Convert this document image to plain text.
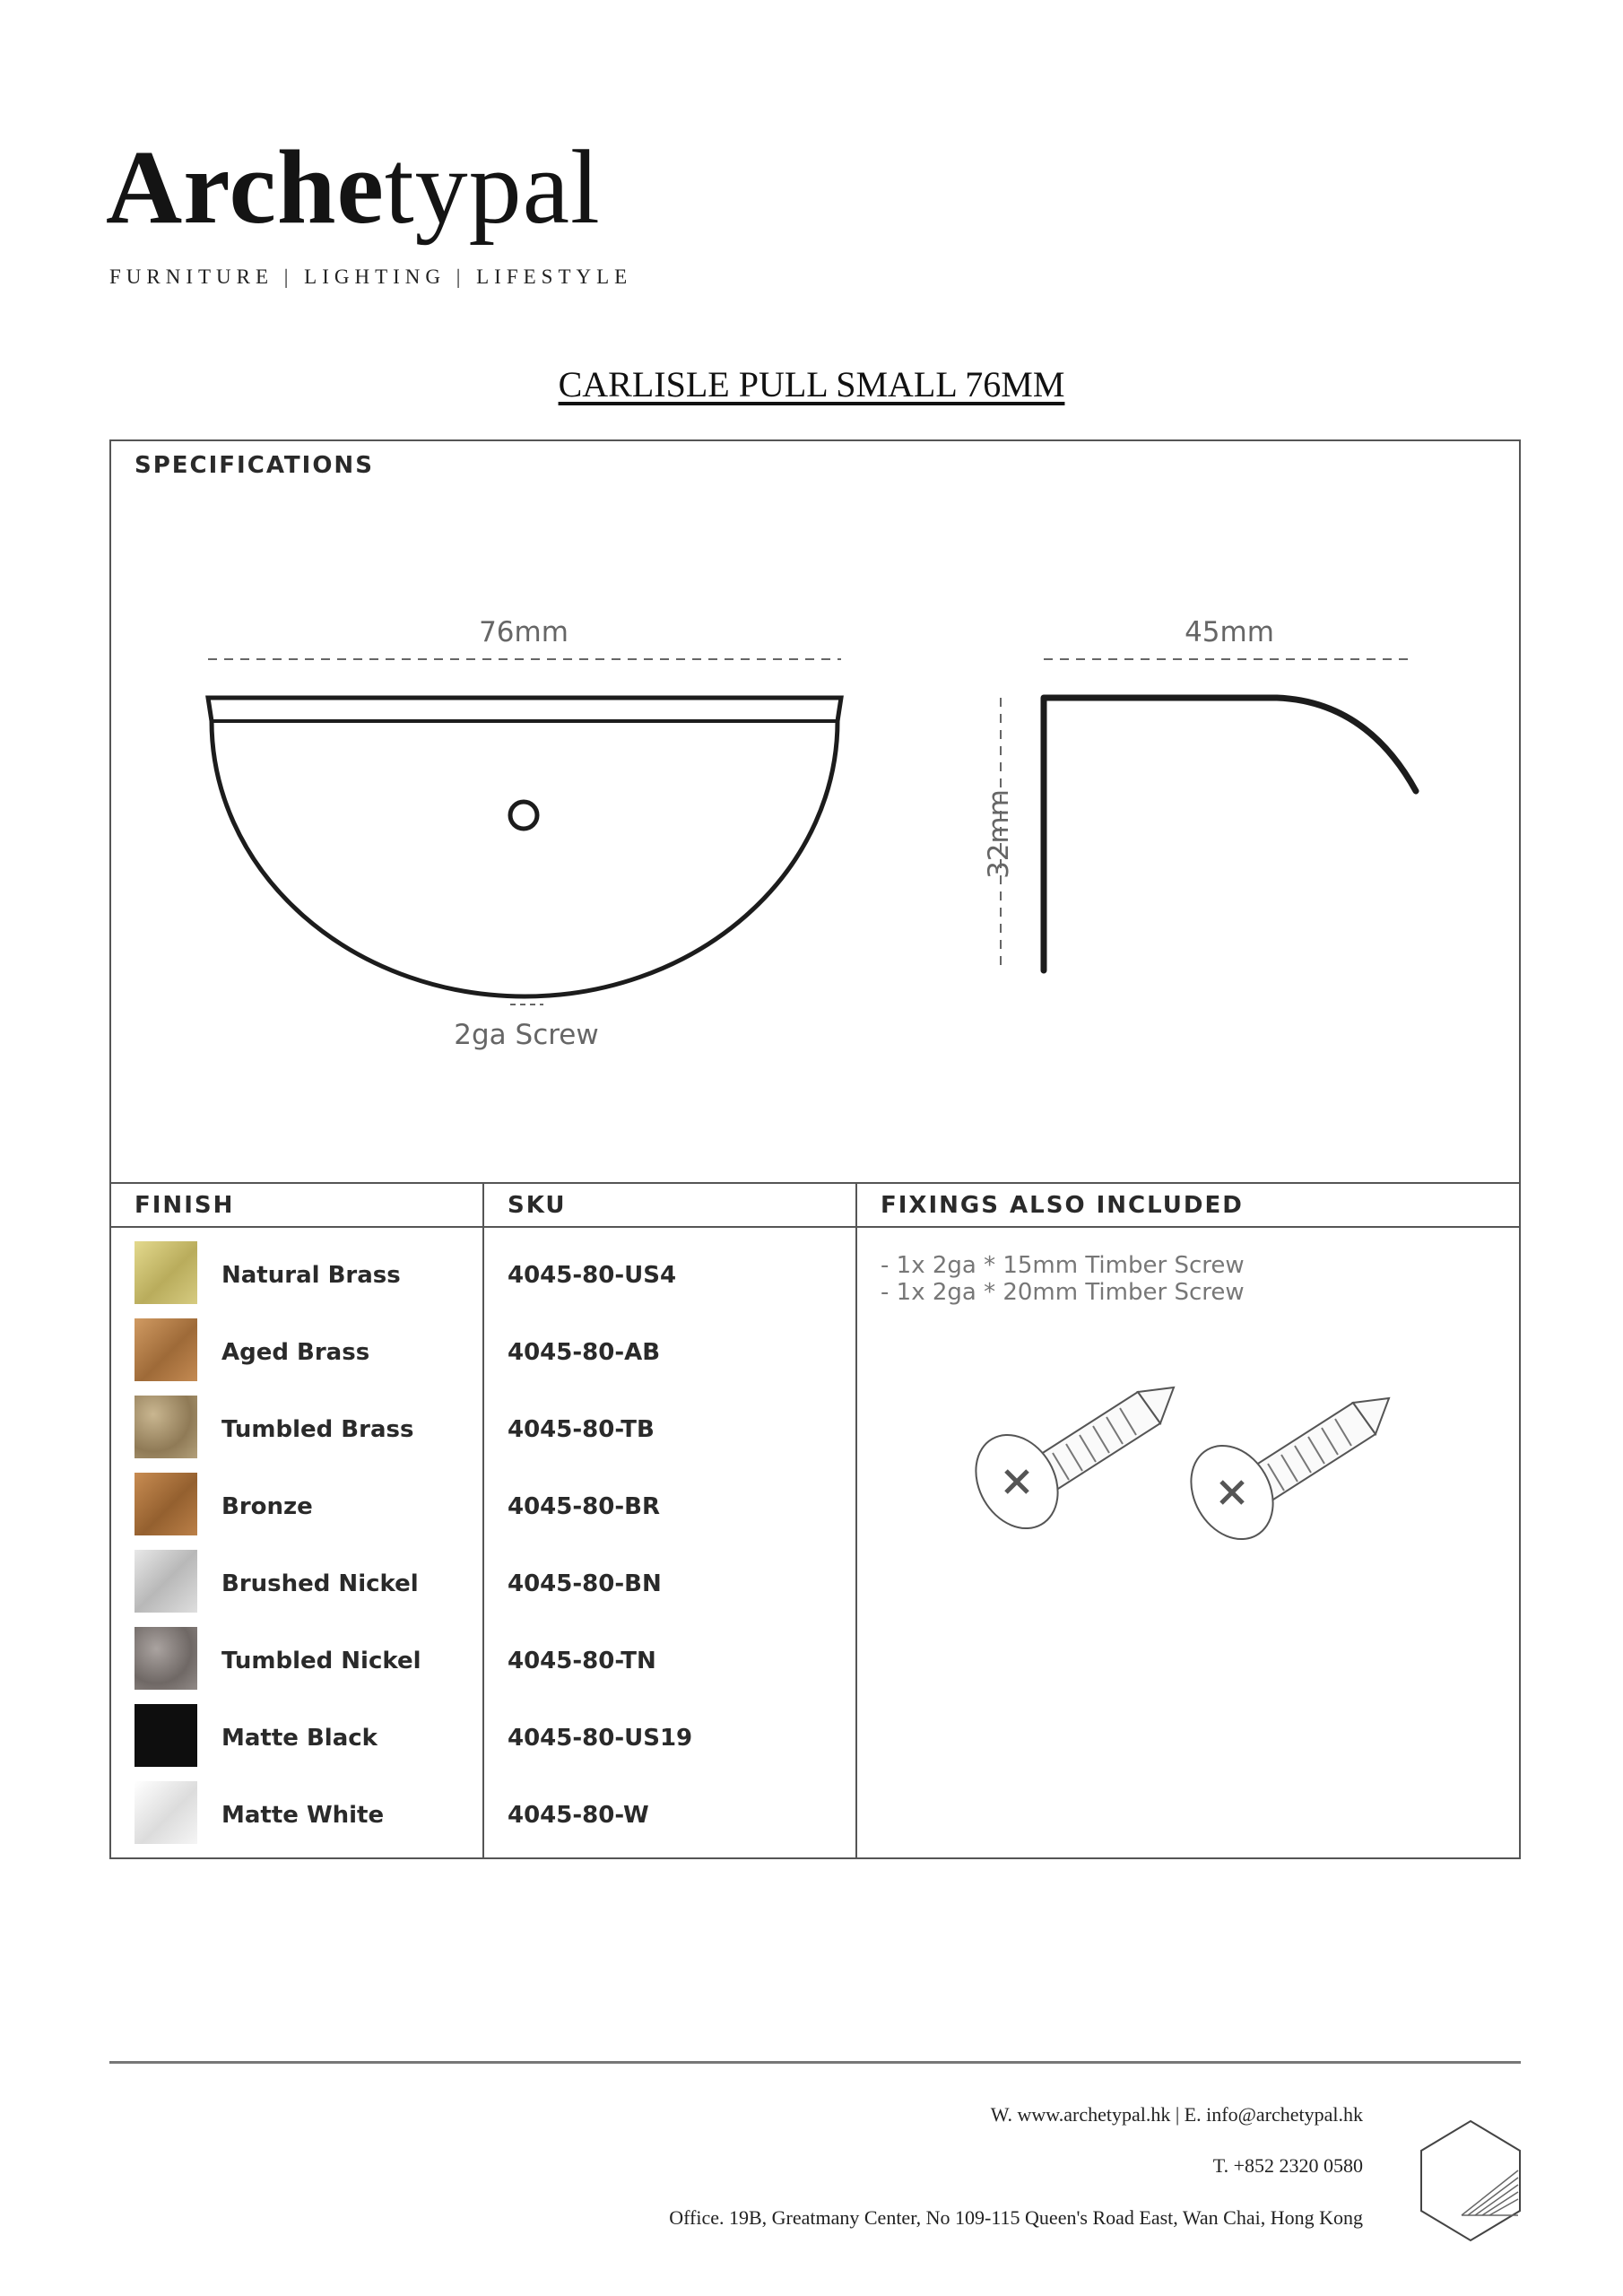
Archetypal
FURNITURE | LIGHTING | LIFESTYLE
CARLISLE PULL SMALL 76MM
SPECIFICATIONS
76mm
2ga Screw
45mm
32mm
FINISH	SKU	FIXINGS ALSO INCLUDED
Natural Brass	4045-80-US4
Aged Brass	4045-80-AB
Tumbled Brass	4045-80-TB
Bronze	4045-80-BR
Brushed Nickel	4045-80-BN
Tumbled Nickel	4045-80-TN
Matte Black	4045-80-US19
Matte White	4045-80-W
- 1x 2ga * 15mm Timber Screw
- 1x 2ga * 20mm Timber Screw
W. www.archetypal.hk | E. info@archetypal.hk
T. +852 2320 0580
Office. 19B, Greatmany Center, No 109-115 Queen's Road East, Wan Chai, Hong Kong
